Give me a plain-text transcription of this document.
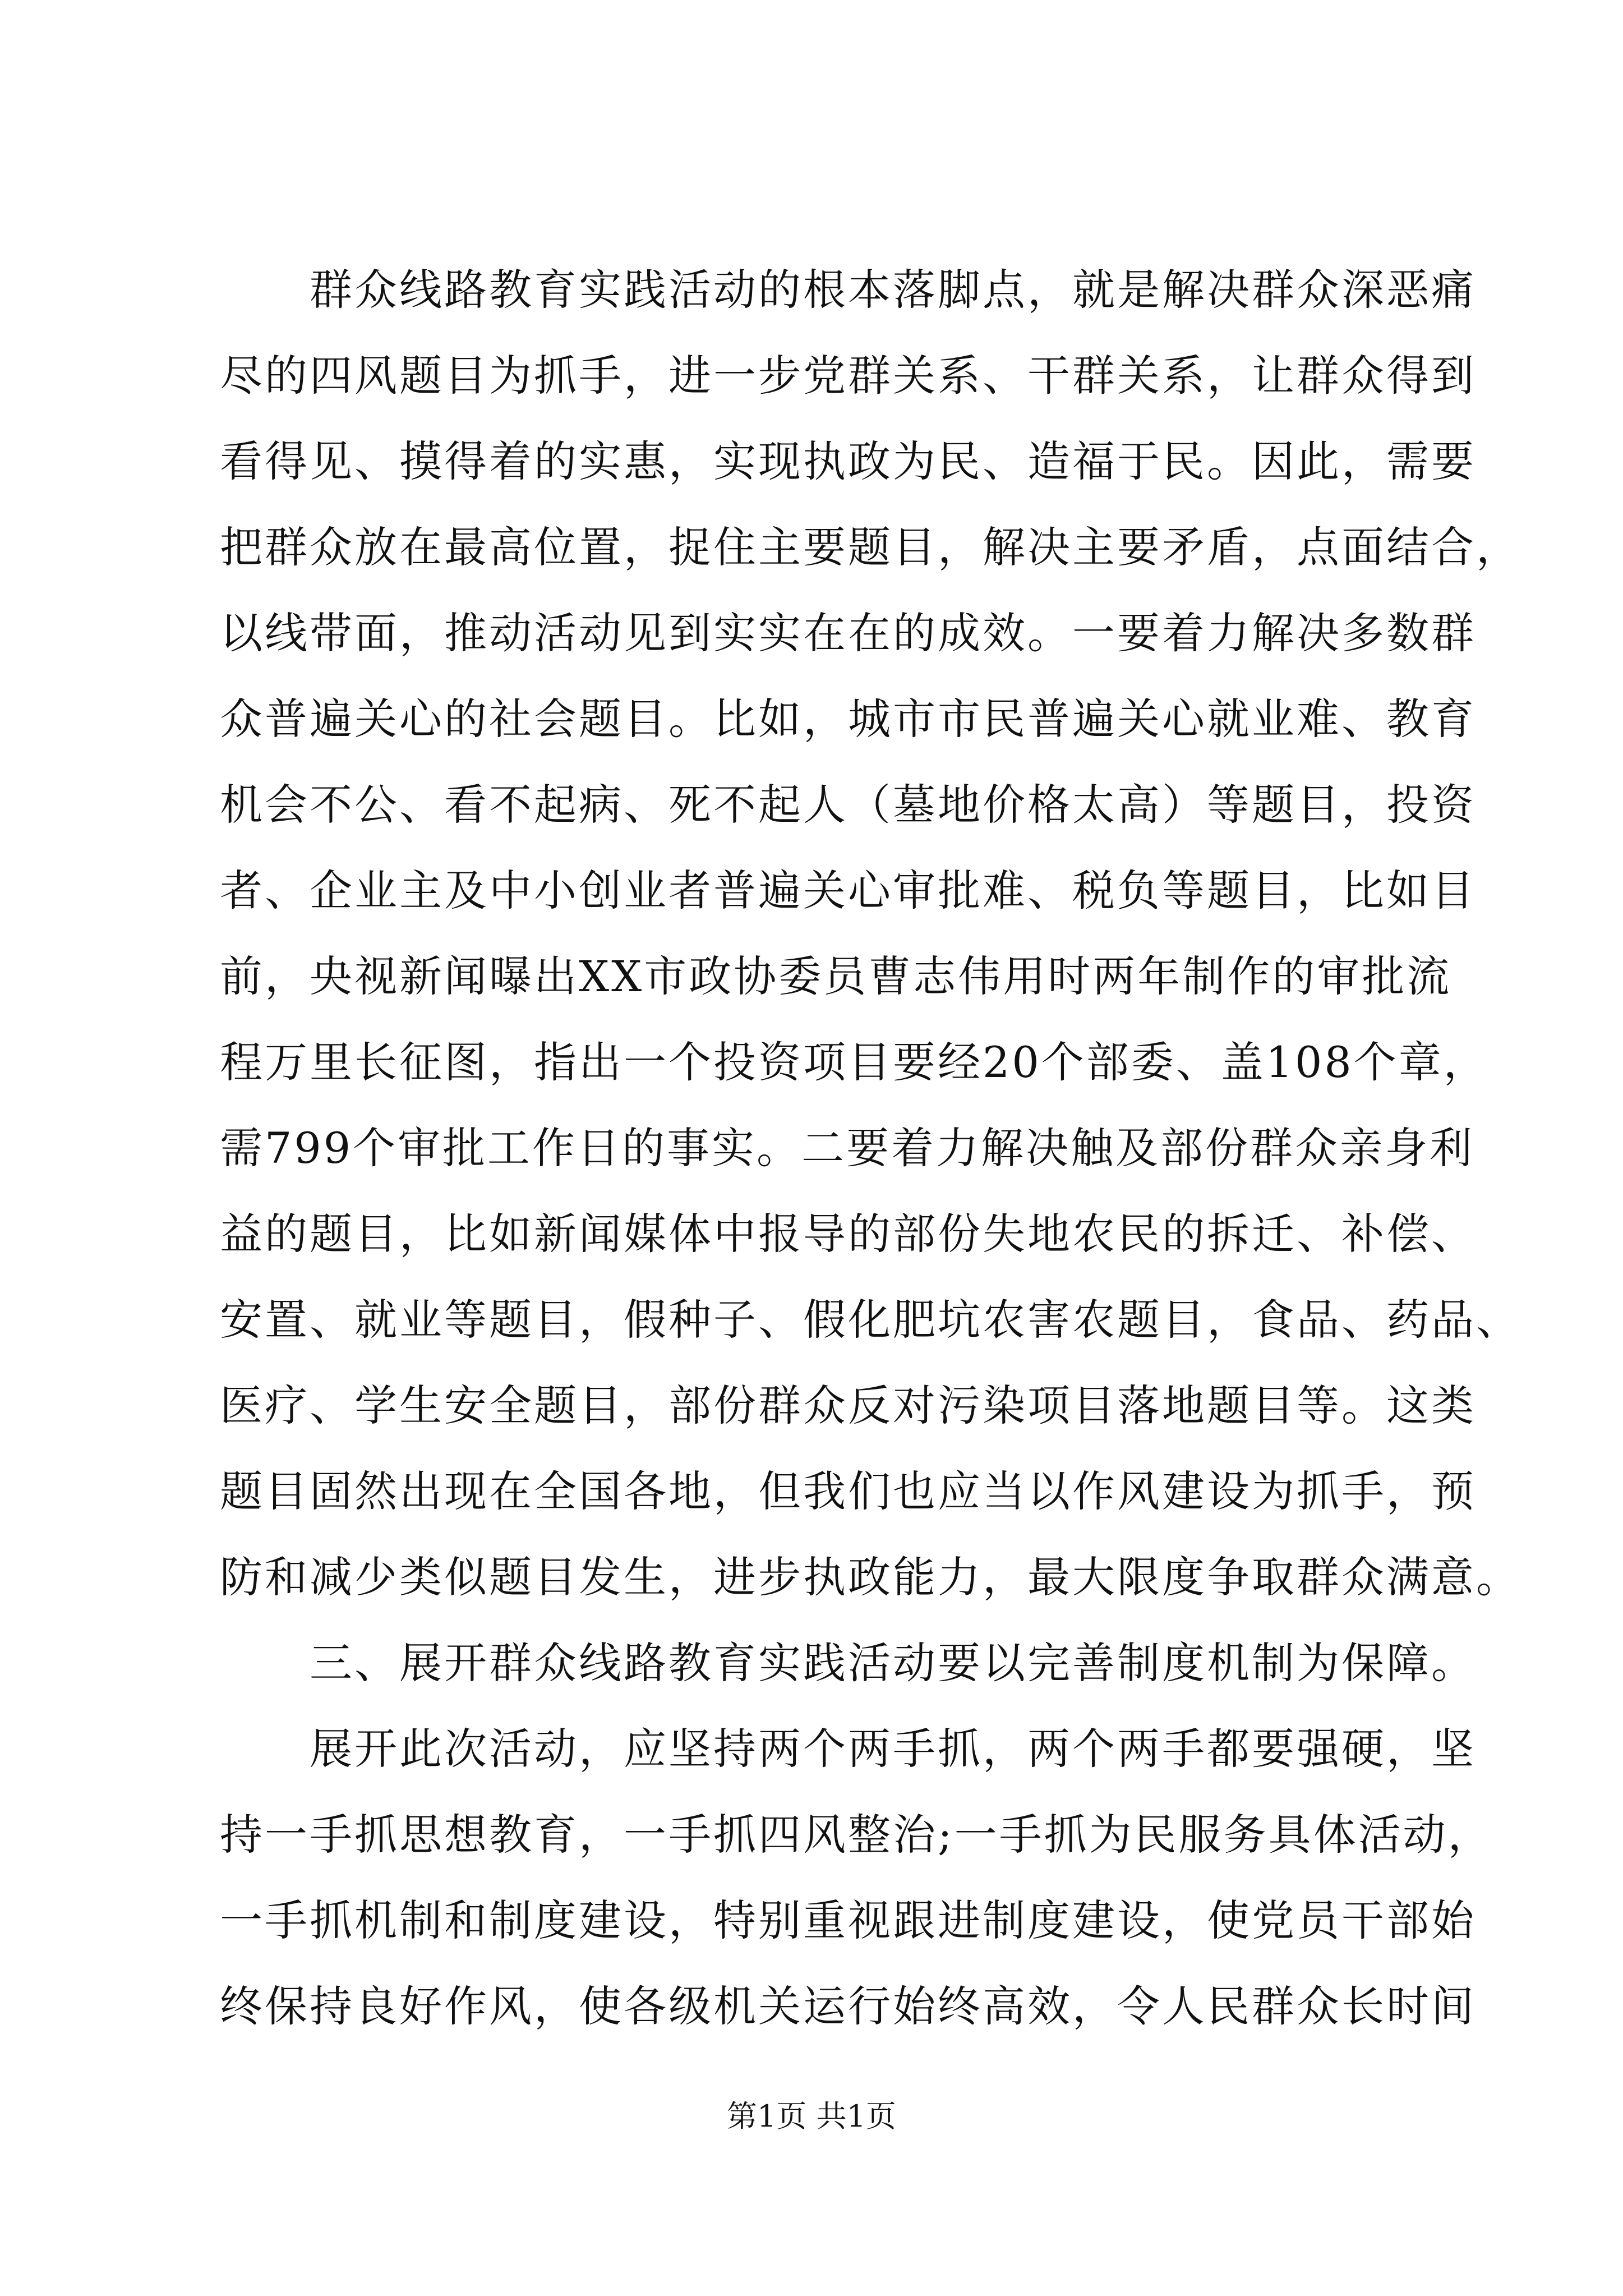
群众线路教育实践活动的根本落脚点，就是解决群众深恶痛
尽的四风题目为抓手，进一步党群关系、干群关系，让群众得到
看得见、摸得着的实惠，实现执政为民、造福于民。因此，需要
把群众放在最高位置，捉住主要题目，解决主要矛盾，点面结合，
以线带面，推动活动见到实实在在的成效。一要着力解决多数群
众普遍关心的社会题目。比如，城市市民普遍关心就业难、教育
机会不公、看不起病、死不起人（墓地价格太高）等题目，投资
者、企业主及中小创业者普遍关心审批难、税负等题目，比如目
前，央视新闻曝出XX市政协委员曹志伟用时两年制作的审批流
程万里长征图，指出一个投资项目要经20个部委、盖108个章，
需799个审批工作日的事实。二要着力解决触及部份群众亲身利
益的题目，比如新闻媒体中报导的部份失地农民的拆迁、补偿、
安置、就业等题目，假种子、假化肥坑农害农题目，食品、药品、
医疗、学生安全题目，部份群众反对污染项目落地题目等。这类
题目固然出现在全国各地，但我们也应当以作风建设为抓手，预
防和减少类似题目发生，进步执政能力，最大限度争取群众满意。
三、展开群众线路教育实践活动要以完善制度机制为保障。
展开此次活动，应坚持两个两手抓，两个两手都要强硬，坚
持一手抓思想教育，一手抓四风整治;一手抓为民服务具体活动，
一手抓机制和制度建设，特别重视跟进制度建设，使党员干部始
终保持良好作风，使各级机关运行始终高效，令人民群众长时间
第1页 共1页
